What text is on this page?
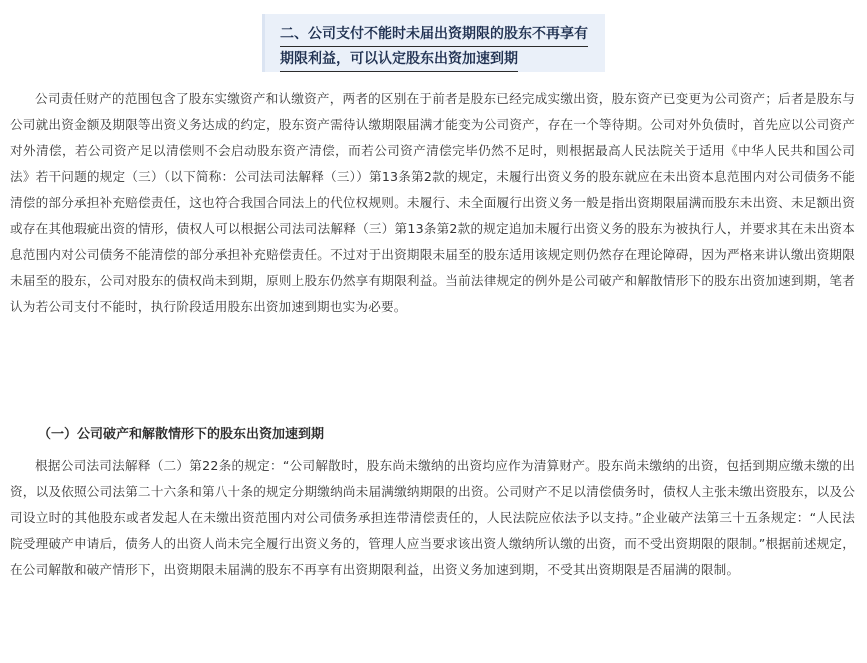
二、公司支付不能时未届出资期限的股东不再享有
期限利益，可以认定股东出资加速到期
公司责任财产的范围包含了股东实缴资产和认缴资产，两者的区别在于前者是股东已经完成实缴出资，股东资产已变更为公司资产；后者是股东与公司就出资金额及期限等出资义务达成的约定，股东资产需待认缴期限届满才能变为公司资产，存在一个等待期。公司对外负债时，首先应以公司资产对外清偿，若公司资产足以清偿则不会启动股东资产清偿，而若公司资产清偿完毕仍然不足时，则根据最高人民法院关于适用《中华人民共和国公司法》若干问题的规定（三）（以下简称：公司法司法解释（三））第13条第2款的规定，未履行出资义务的股东就应在未出资本息范围内对公司债务不能清偿的部分承担补充赔偿责任，这也符合我国合同法上的代位权规则。未履行、未全面履行出资义务一般是指出资期限届满而股东未出资、未足额出资或存在其他瑕疵出资的情形，债权人可以根据公司法司法解释（三）第13条第2款的规定追加未履行出资义务的股东为被执行人，并要求其在未出资本息范围内对公司债务不能清偿的部分承担补充赔偿责任。不过对于出资期限未届至的股东适用该规定则仍然存在理论障碍，因为严格来讲认缴出资期限未届至的股东，公司对股东的债权尚未到期，原则上股东仍然享有期限利益。当前法律规定的例外是公司破产和解散情形下的股东出资加速到期，笔者认为若公司支付不能时，执行阶段适用股东出资加速到期也实为必要。
（一）公司破产和解散情形下的股东出资加速到期
根据公司法司法解释（二）第22条的规定：“公司解散时，股东尚未缴纳的出资均应作为清算财产。股东尚未缴纳的出资，包括到期应缴未缴的出资，以及依照公司法第二十六条和第八十条的规定分期缴纳尚未届满缴纳期限的出资。公司财产不足以清偿债务时，债权人主张未缴出资股东，以及公司设立时的其他股东或者发起人在未缴出资范围内对公司债务承担连带清偿责任的，人民法院应依法予以支持。”企业破产法第三十五条规定：“人民法院受理破产申请后，债务人的出资人尚未完全履行出资义务的，管理人应当要求该出资人缴纳所认缴的出资，而不受出资期限的限制。”根据前述规定，在公司解散和破产情形下，出资期限未届满的股东不再享有出资期限利益，出资义务加速到期，不受其出资期限是否届满的限制。
